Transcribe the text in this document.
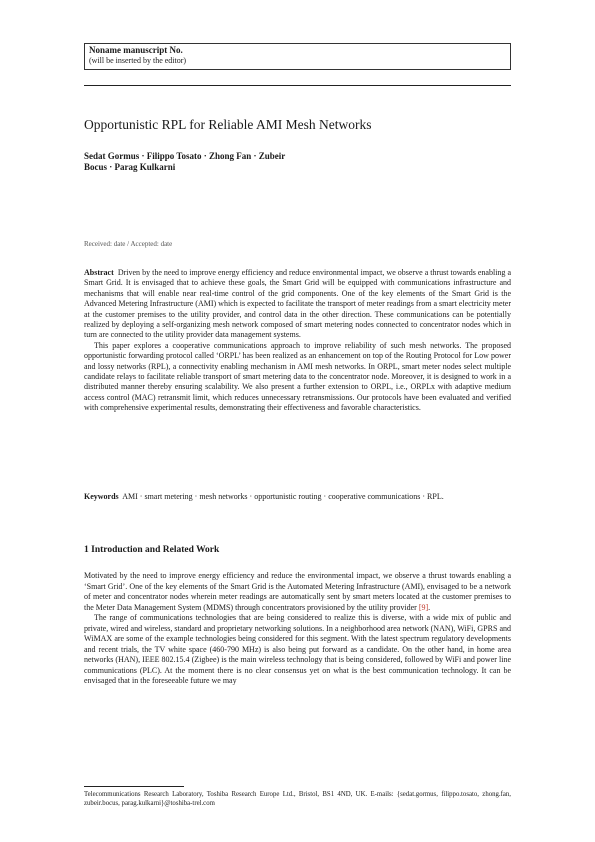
Noname manuscript No.
(will be inserted by the editor)
Opportunistic RPL for Reliable AMI Mesh Networks
Sedat Gormus · Filippo Tosato · Zhong Fan · Zubeir
Bocus · Parag Kulkarni
Received: date / Accepted: date

Abstract Driven by the need to improve energy efficiency and reduce environmental impact, we observe a thrust towards enabling a Smart Grid. It is envisaged that to achieve these goals, the Smart Grid will be equipped with communications infrastructure and mechanisms that will enable near real-time control of the grid components. One of the key elements of the Smart Grid is the Advanced Metering Infrastructure (AMI) which is expected to facilitate the transport of meter readings from a smart electricity meter at the customer premises to the utility provider, and control data in the other direction. These communications can be potentially realized by deploying a self-organizing mesh network composed of smart metering nodes connected to concentrator nodes which in turn are connected to the utility provider data management systems.

This paper explores a cooperative communications approach to improve reliability of such mesh networks. The proposed opportunistic forwarding protocol called ‘ORPL’ has been realized as an enhancement on top of the Routing Protocol for Low power and lossy networks (RPL), a connectivity enabling mechanism in AMI mesh networks. In ORPL, smart meter nodes select multiple candidate relays to facilitate reliable transport of smart metering data to the concentrator node. Moreover, it is designed to work in a distributed manner thereby ensuring scalability. We also present a further extension to ORPL, i.e., ORPLx with adaptive medium access control (MAC) retransmit limit, which reduces unnecessary retransmissions. Our protocols have been evaluated and verified with comprehensive experimental results, demonstrating their effectiveness and favorable characteristics.

Keywords AMI · smart metering · mesh networks · opportunistic routing · cooperative communications · RPL.
1 Introduction and Related Work

Motivated by the need to improve energy efficiency and reduce the environmental impact, we observe a thrust towards enabling a ‘Smart Grid’. One of the key elements of the Smart Grid is the Automated Metering Infrastructure (AMI), envisaged to be a network of meter and concentrator nodes wherein meter readings are automatically sent by smart meters located at the customer premises to the Meter Data Management System (MDMS) through concentrators provisioned by the utility provider [9].

The range of communications technologies that are being considered to realize this is diverse, with a wide mix of public and private, wired and wireless, standard and proprietary networking solutions. In a neighborhood area network (NAN), WiFi, GPRS and WiMAX are some of the example technologies being considered for this segment. With the latest spectrum regulatory developments and recent trials, the TV white space (460-790 MHz) is also being put forward as a candidate. On the other hand, in home area networks (HAN), IEEE 802.15.4 (Zigbee) is the main wireless technology that is being considered, followed by WiFi and power line communications (PLC). At the moment there is no clear consensus yet on what is the best communication technology. It can be envisaged that in the foreseeable future we may

Telecommunications Research Laboratory, Toshiba Research Europe Ltd., Bristol, BS1 4ND, UK. E-mails: {sedat.gormus, filippo.tosato, zhong.fan, zubeir.bocus, parag.kulkarni}@toshiba-trel.com
